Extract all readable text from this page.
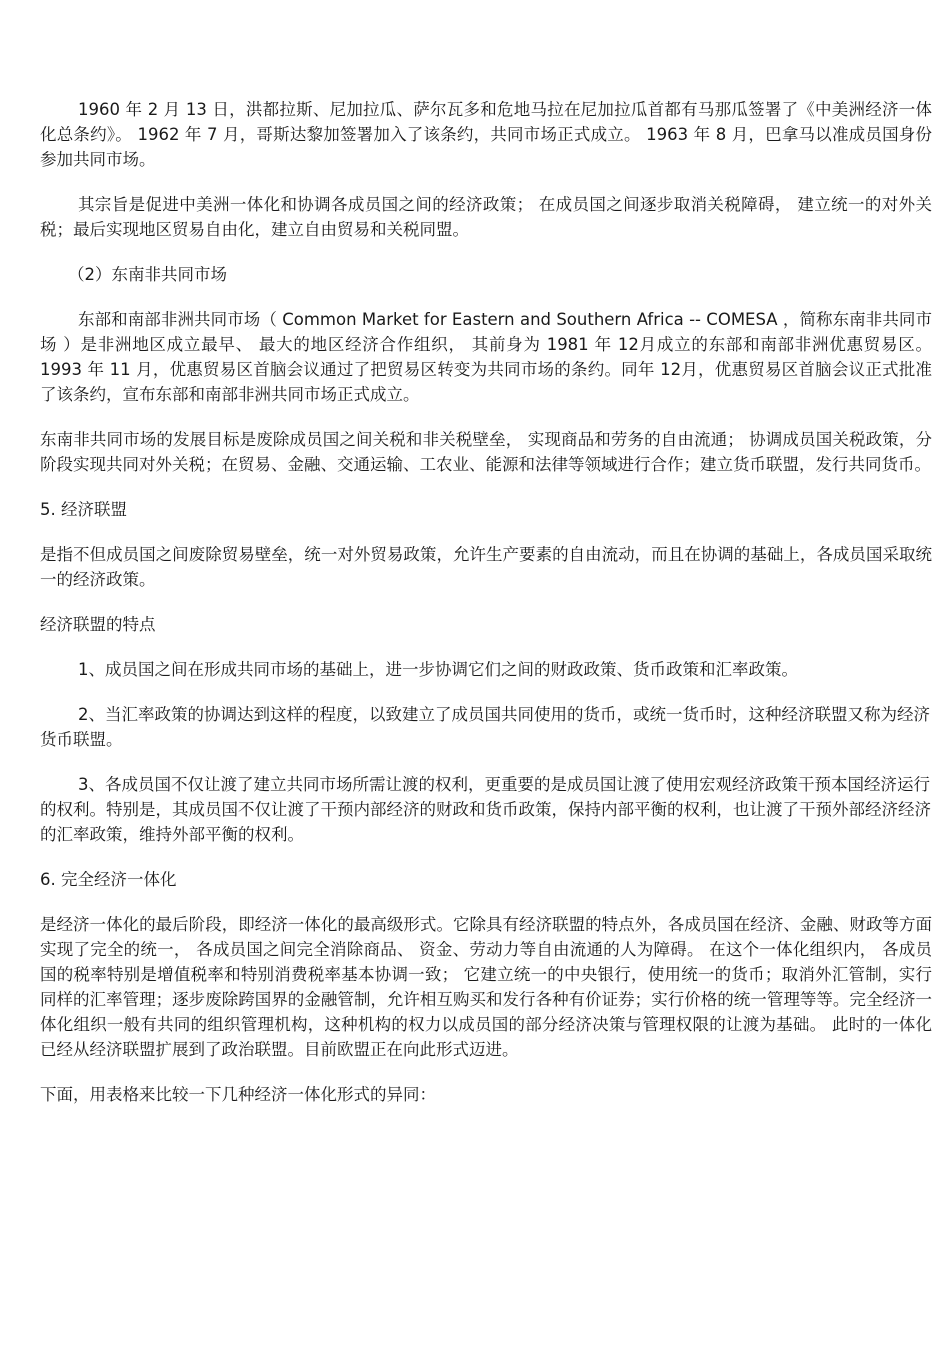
1960 年 2 月 13 日，洪都拉斯、尼加拉瓜、萨尔瓦多和危地马拉在尼加拉瓜首都有马那瓜签署了《中美洲经济一体化总条约》。 1962 年 7 月，哥斯达黎加签署加入了该条约，共同市场正式成立。 1963 年 8 月，巴拿马以准成员国身份参加共同市场。

其宗旨是促进中美洲一体化和协调各成员国之间的经济政策； 在成员国之间逐步取消关税障碍， 建立统一的对外关税；最后实现地区贸易自由化，建立自由贸易和关税同盟。

（2）东南非共同市场

东部和南部非洲共同市场（ Common Market for Eastern and Southern Africa -- COMESA ，简称东南非共同市场 ）是非洲地区成立最早、 最大的地区经济合作组织， 其前身为 1981 年 12月成立的东部和南部非洲优惠贸易区。 1993 年 11 月，优惠贸易区首脑会议通过了把贸易区转变为共同市场的条约。同年 12月，优惠贸易区首脑会议正式批准了该条约，宣布东部和南部非洲共同市场正式成立。

东南非共同市场的发展目标是废除成员国之间关税和非关税壁垒， 实现商品和劳务的自由流通； 协调成员国关税政策，分阶段实现共同对外关税；在贸易、金融、交通运输、工农业、能源和法律等领域进行合作；建立货币联盟，发行共同货币。

5. 经济联盟

是指不但成员国之间废除贸易壁垒，统一对外贸易政策，允许生产要素的自由流动，而且在协调的基础上，各成员国采取统一的经济政策。

经济联盟的特点

1、成员国之间在形成共同市场的基础上，进一步协调它们之间的财政政策、货币政策和汇率政策。

2、当汇率政策的协调达到这样的程度，以致建立了成员国共同使用的货币，或统一货币时，这种经济联盟又称为经济货币联盟。

3、各成员国不仅让渡了建立共同市场所需让渡的权利，更重要的是成员国让渡了使用宏观经济政策干预本国经济运行的权利。特别是，其成员国不仅让渡了干预内部经济的财政和货币政策，保持内部平衡的权利，也让渡了干预外部经济经济的汇率政策，维持外部平衡的权利。

6. 完全经济一体化

是经济一体化的最后阶段，即经济一体化的最高级形式。它除具有经济联盟的特点外，各成员国在经济、金融、财政等方面实现了完全的统一， 各成员国之间完全消除商品、 资金、劳动力等自由流通的人为障碍。 在这个一体化组织内， 各成员国的税率特别是增值税率和特别消费税率基本协调一致； 它建立统一的中央银行，使用统一的货币；取消外汇管制，实行同样的汇率管理；逐步废除跨国界的金融管制，允许相互购买和发行各种有价证券；实行价格的统一管理等等。完全经济一体化组织一般有共同的组织管理机构，这种机构的权力以成员国的部分经济决策与管理权限的让渡为基础。 此时的一体化已经从经济联盟扩展到了政治联盟。目前欧盟正在向此形式迈进。

下面，用表格来比较一下几种经济一体化形式的异同：
